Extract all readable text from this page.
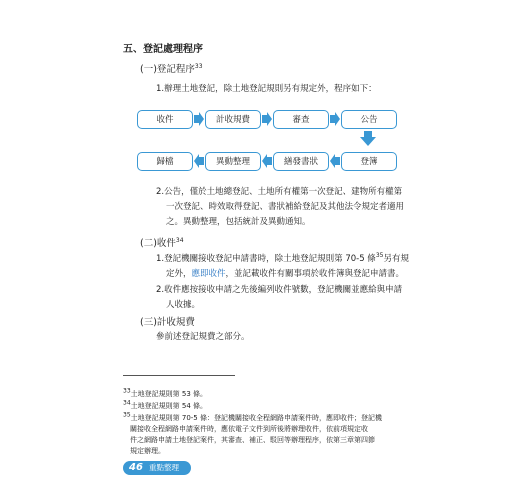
五、登記處理程序
(一)登記程序$^{33}$
1.辦理土地登記，除土地登記規則另有規定外，程序如下：
收件	計收規費	審查	公告
歸檔	異動整理	繕發書狀	登簿
2.公告，僅於土地總登記、土地所有權第一次登記、建物所有權第
一次登記、時效取得登記、書狀補給登記及其他法令規定者適用
之。異動整理，包括統計及異動通知。
(二)收件$^{34}$
1.登記機關接收登記申請書時，除土地登記規則第 70-5 條$^{35}$另有規
定外，應即收件，並記載收件有關事項於收件簿與登記申請書。
2.收件應按接收申請之先後編列收件號數，登記機關並應給與申請
人收據。
(三)計收規費
參前述登記規費之部分。
$^{33}$土地登記規則第 53 條。
$^{34}$土地登記規則第 54 條。
$^{35}$土地登記規則第 70-5 條：登記機關接收全程網路申請案件時，應即收件；登記機
關接收全程網路申請案件時，應依電子文件到所後將辦理收件，依前項規定收
件之網路申請土地登記案件，其審查、補正、駁回等辦理程序，依第三章第四節
規定辦理。
46 重點整理
